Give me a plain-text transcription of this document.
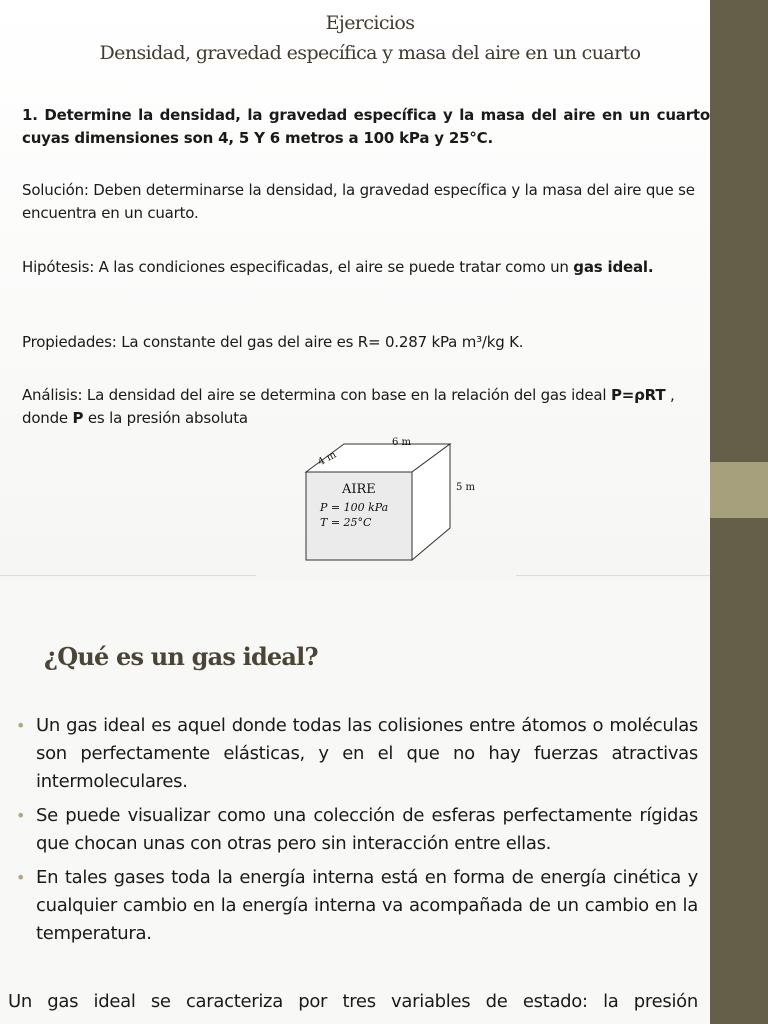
Ejercicios
Densidad, gravedad específica y masa del aire en un cuarto

1. Determine la densidad, la gravedad específica y la masa del aire en un cuarto cuyas dimensiones son 4, 5 Y 6 metros a 100 kPa y 25°C.

Solución: Deben determinarse la densidad, la gravedad específica y la masa del aire que se encuentra en un cuarto.

Hipótesis: A las condiciones especificadas, el aire se puede tratar como un gas ideal.

Propiedades: La constante del gas del aire es R= 0.287 kPa m³/kg K.

Análisis: La densidad del aire se determina con base en la relación del gas ideal P=ρRT , donde P es la presión absoluta

4 m
6 m
5 m
AIRE
P = 100 kPa
T = 25°C
¿Qué es un gas ideal?
• Un gas ideal es aquel donde todas las colisiones entre átomos o moléculas son perfectamente elásticas, y en el que no hay fuerzas atractivas intermoleculares.
• Se puede visualizar como una colección de esferas perfectamente rígidas que chocan unas con otras pero sin interacción entre ellas.
• En tales gases toda la energía interna está en forma de energía cinética y cualquier cambio en la energía interna va acompañada de un cambio en la temperatura.

Un gas ideal se caracteriza por tres variables de estado: la presión
